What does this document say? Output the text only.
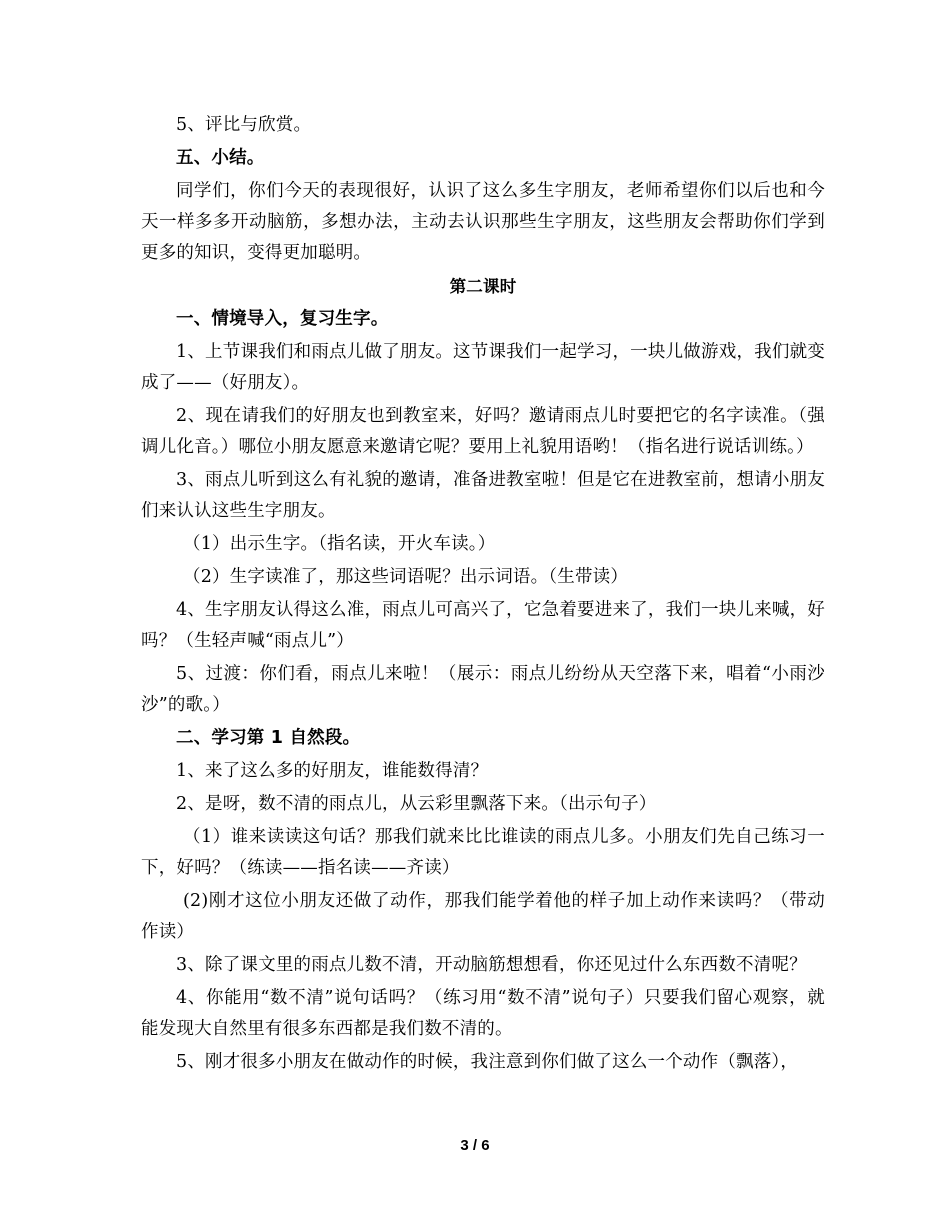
5、评比与欣赏。

五、小结。

同学们，你们今天的表现很好，认识了这么多生字朋友，老师希望你们以后也和今天一样多多开动脑筋，多想办法，主动去认识那些生字朋友，这些朋友会帮助你们学到更多的知识，变得更加聪明。

第二课时

一、情境导入，复习生字。

1、上节课我们和雨点儿做了朋友。这节课我们一起学习，一块儿做游戏，我们就变成了——（好朋友）。

2、现在请我们的好朋友也到教室来，好吗？邀请雨点儿时要把它的名字读准。（强调儿化音。）哪位小朋友愿意来邀请它呢？要用上礼貌用语哟！（指名进行说话训练。）

3、雨点儿听到这么有礼貌的邀请，准备进教室啦！但是它在进教室前，想请小朋友们来认认这些生字朋友。

（1）出示生字。（指名读，开火车读。）

（2）生字读准了，那这些词语呢？出示词语。（生带读）

4、生字朋友认得这么准，雨点儿可高兴了，它急着要进来了，我们一块儿来喊，好吗？（生轻声喊“雨点儿”）

5、过渡：你们看，雨点儿来啦！（展示：雨点儿纷纷从天空落下来，唱着“小雨沙沙”的歌。）

二、学习第 1 自然段。

1、来了这么多的好朋友，谁能数得清？

2、是呀，数不清的雨点儿，从云彩里飘落下来。（出示句子）

（1）谁来读读这句话？那我们就来比比谁读的雨点儿多。小朋友们先自己练习一下，好吗？（练读——指名读——齐读）

(2)刚才这位小朋友还做了动作，那我们能学着他的样子加上动作来读吗？（带动作读）

3、除了课文里的雨点儿数不清，开动脑筋想想看，你还见过什么东西数不清呢？

4、你能用“数不清”说句话吗？（练习用“数不清”说句子）只要我们留心观察，就能发现大自然里有很多东西都是我们数不清的。

5、刚才很多小朋友在做动作的时候，我注意到你们做了这么一个动作（飘落），

3 / 6
